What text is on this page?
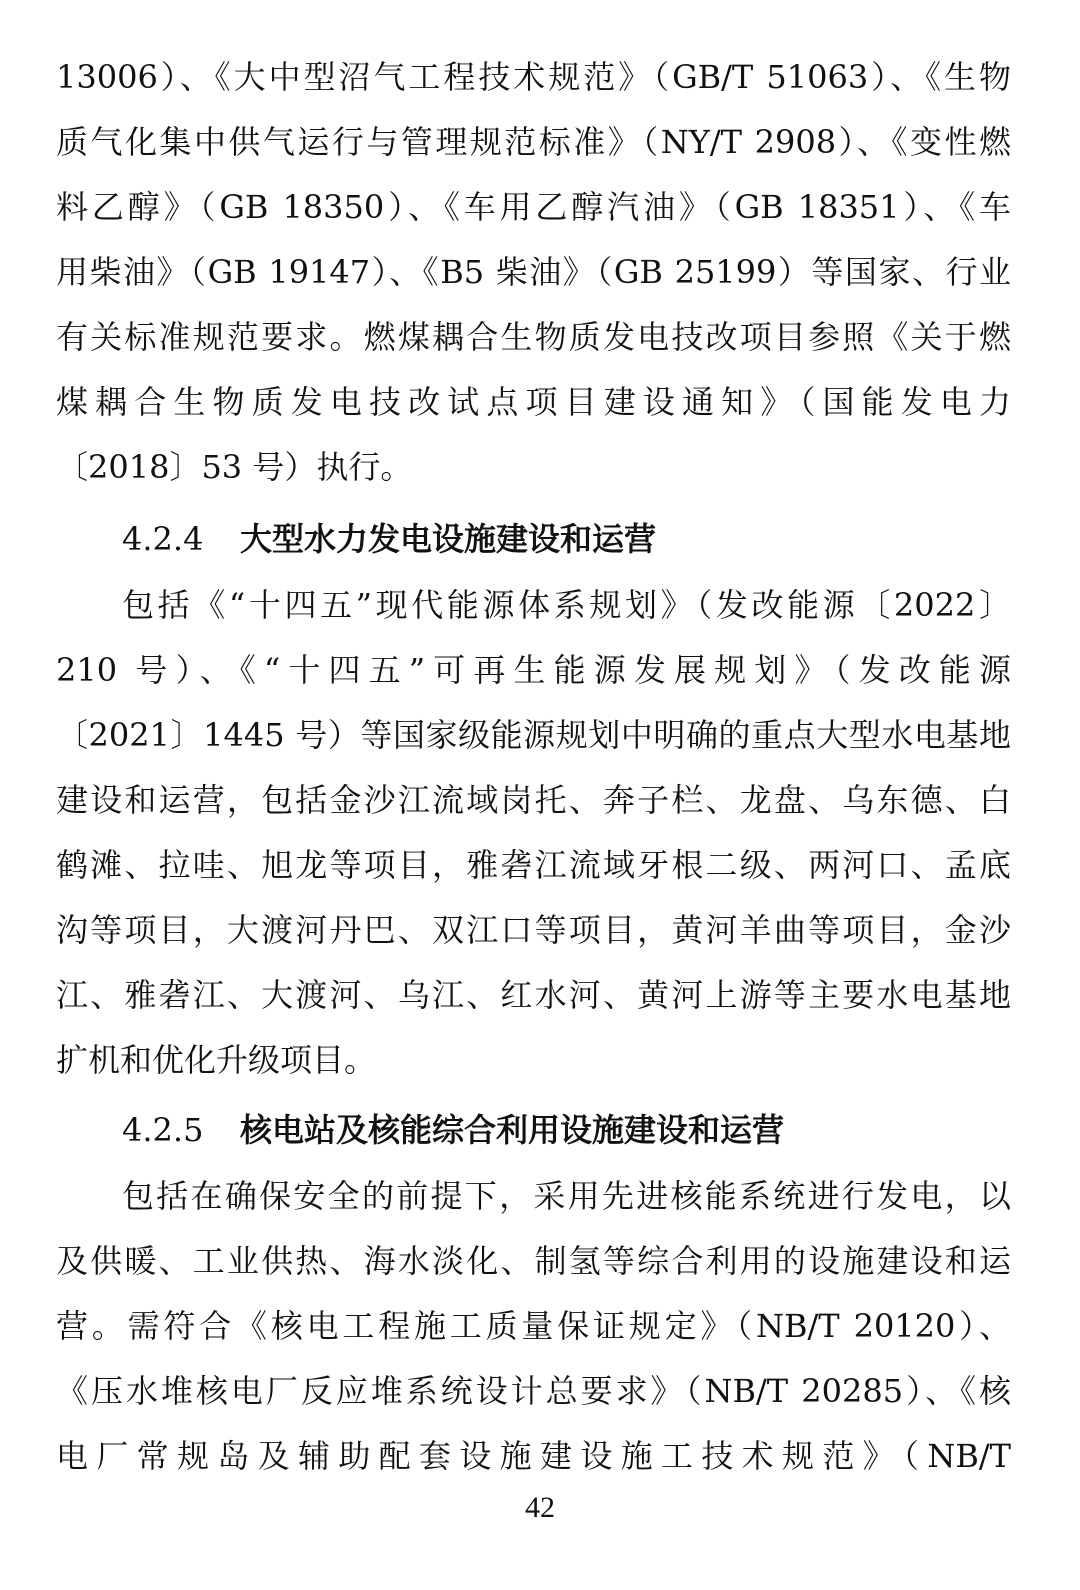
13006）、《大中型沼气工程技术规范》（GB/T 51063）、《生物
质气化集中供气运行与管理规范标准》（NY/T 2908）、《变性燃
料乙醇》（GB 18350）、《车用乙醇汽油》（GB 18351）、《车
用柴油》（GB 19147）、《B5 柴油》（GB 25199）等国家、行业
有关标准规范要求。燃煤耦合生物质发电技改项目参照《关于燃
煤耦合生物质发电技改试点项目建设通知》（国能发电力
〔2018〕53 号）执行。
4.2.4 大型水力发电设施建设和运营
包括《“十四五”现代能源体系规划》（发改能源〔2022〕
210 号）、《“十四五”可再生能源发展规划》（发改能源
〔2021〕1445 号）等国家级能源规划中明确的重点大型水电基地
建设和运营，包括金沙江流域岗托、奔子栏、龙盘、乌东德、白
鹤滩、拉哇、旭龙等项目，雅砻江流域牙根二级、两河口、孟底
沟等项目，大渡河丹巴、双江口等项目，黄河羊曲等项目，金沙
江、雅砻江、大渡河、乌江、红水河、黄河上游等主要水电基地
扩机和优化升级项目。
4.2.5 核电站及核能综合利用设施建设和运营
包括在确保安全的前提下，采用先进核能系统进行发电，以
及供暖、工业供热、海水淡化、制氢等综合利用的设施建设和运
营。需符合《核电工程施工质量保证规定》（NB/T 20120）、
《压水堆核电厂反应堆系统设计总要求》（NB/T 20285）、《核
电厂常规岛及辅助配套设施建设施工技术规范》（NB/T
42
